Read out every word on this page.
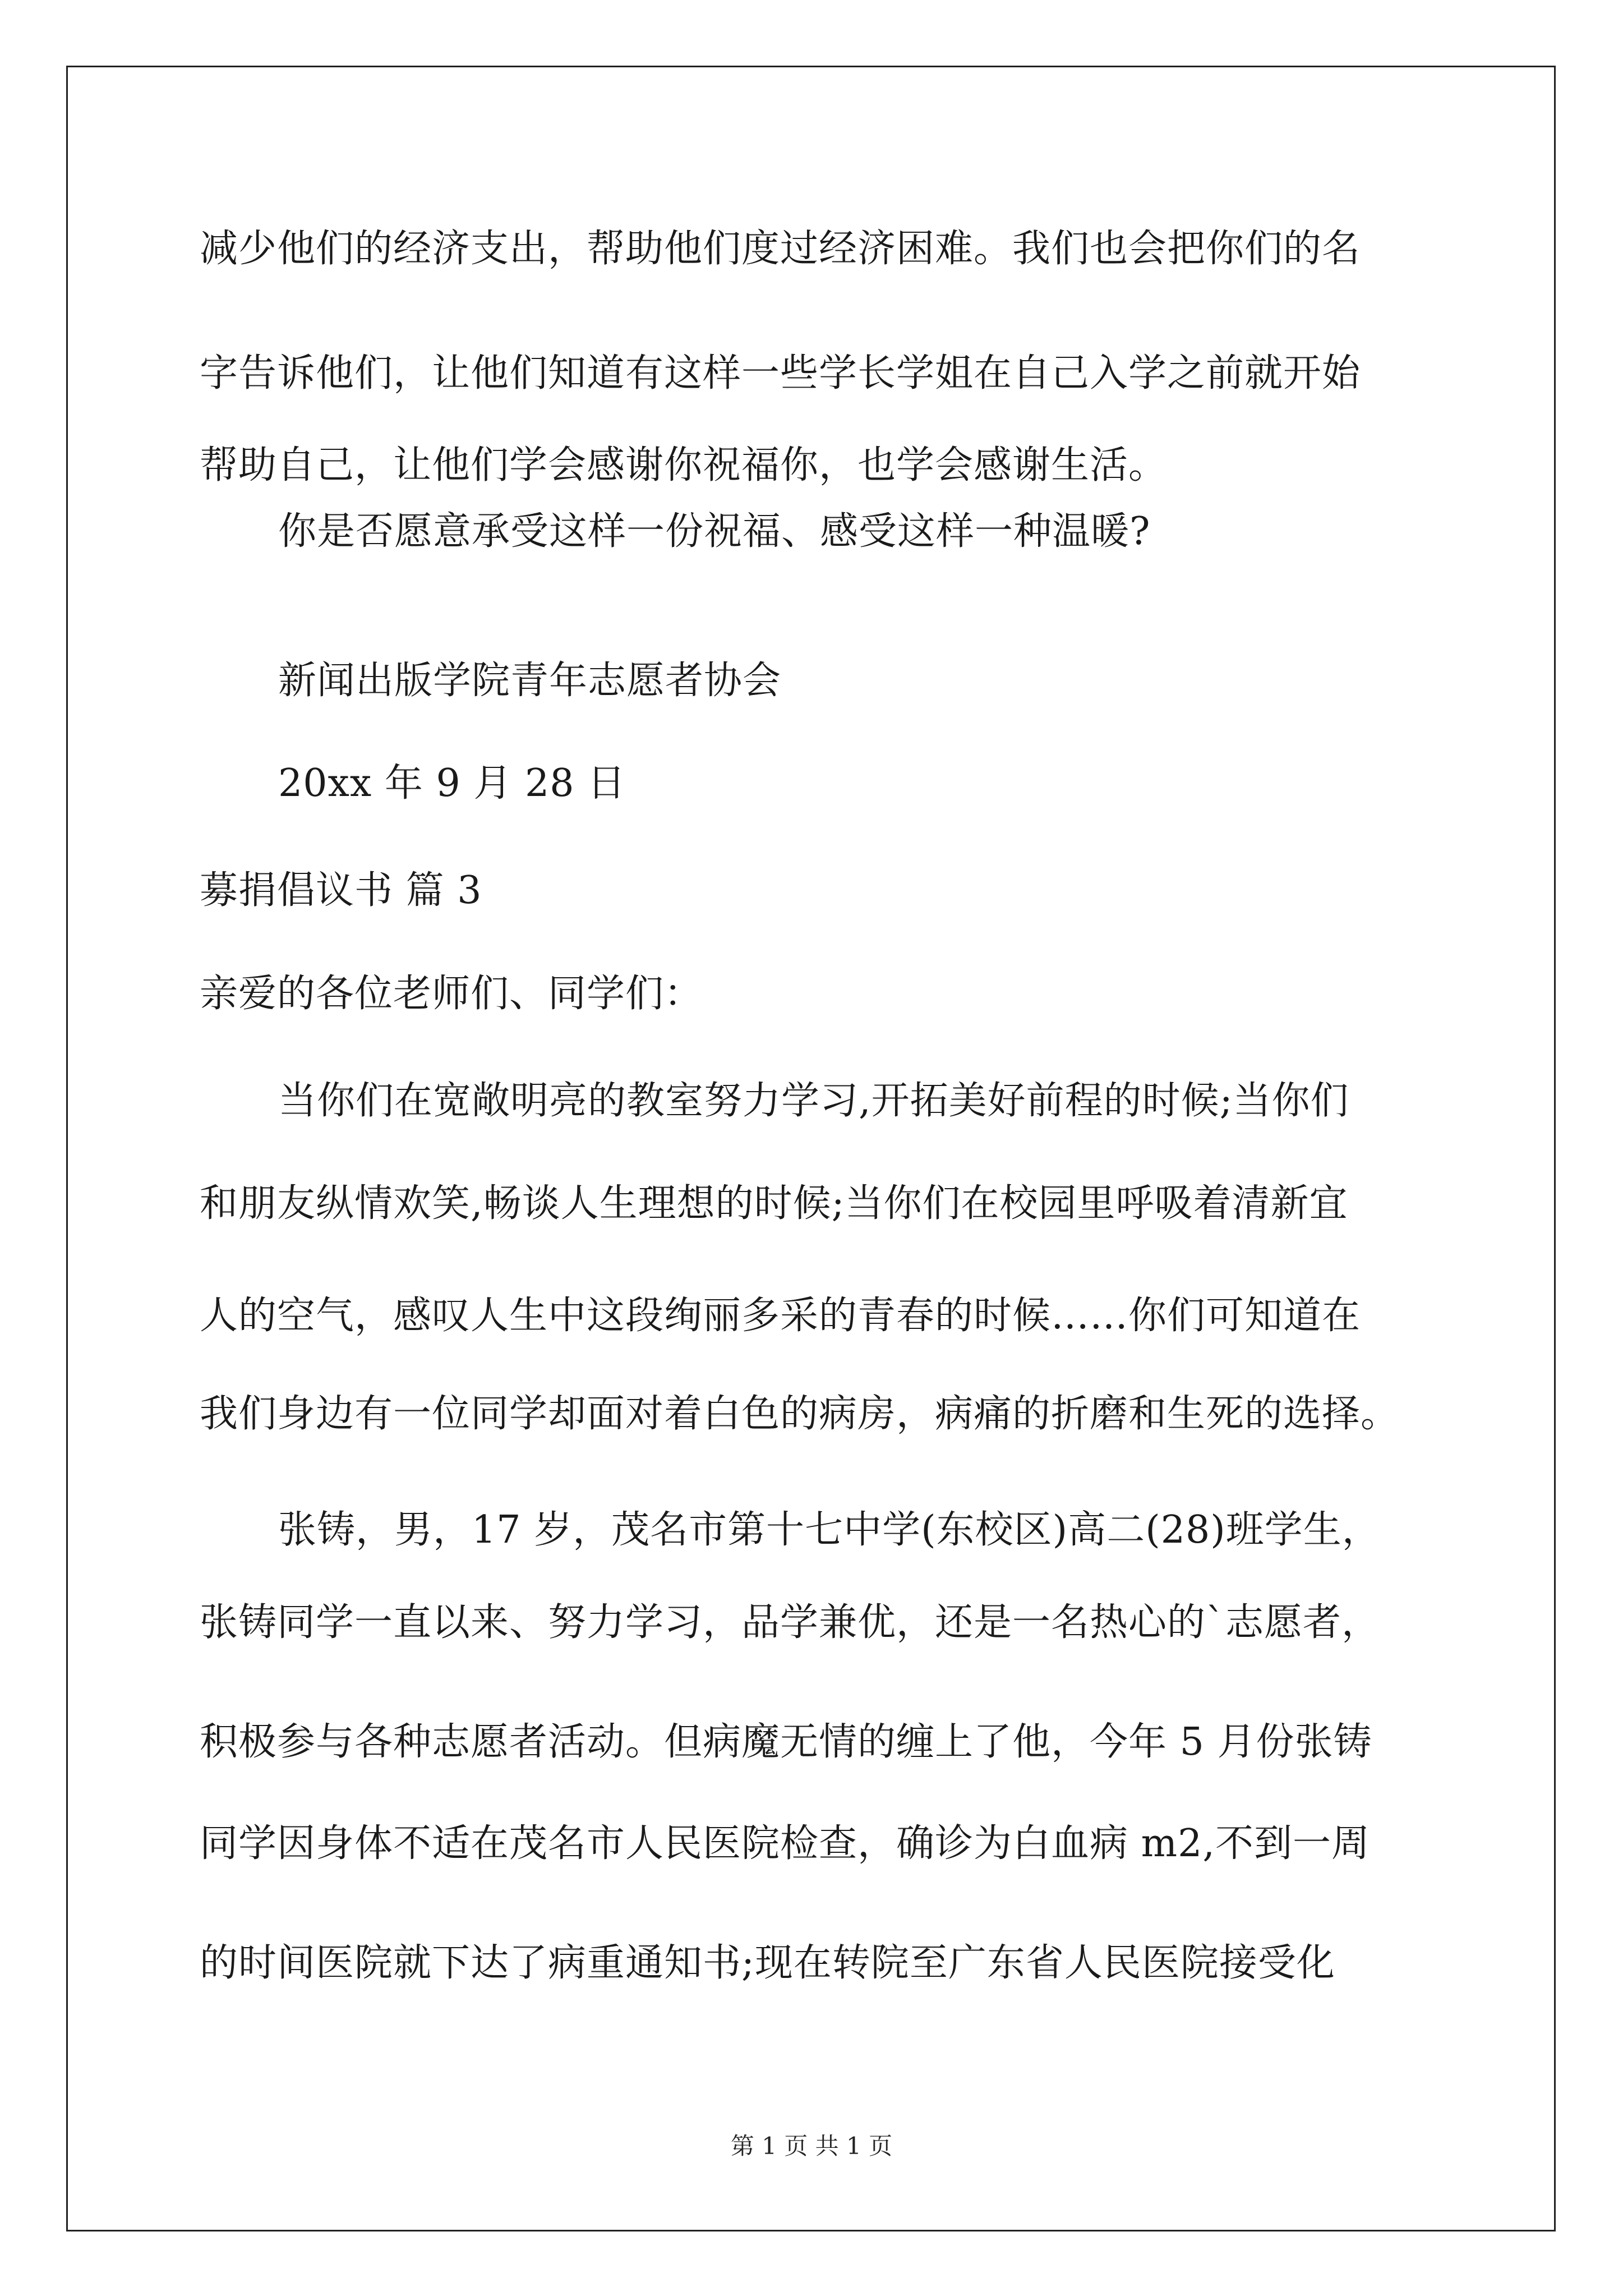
减少他们的经济支出，帮助他们度过经济困难。我们也会把你们的名
字告诉他们，让他们知道有这样一些学长学姐在自己入学之前就开始
帮助自己，让他们学会感谢你祝福你，也学会感谢生活。
你是否愿意承受这样一份祝福、感受这样一种温暖?
新闻出版学院青年志愿者协会
20xx 年 9 月 28 日
募捐倡议书 篇 3
亲爱的各位老师们、同学们：
当你们在宽敞明亮的教室努力学习,开拓美好前程的时候;当你们
和朋友纵情欢笑,畅谈人生理想的时候;当你们在校园里呼吸着清新宜
人的空气，感叹人生中这段绚丽多采的青春的时候……你们可知道在
我们身边有一位同学却面对着白色的病房，病痛的折磨和生死的选择。
张铸，男，17 岁，茂名市第十七中学(东校区)高二(28)班学生，
张铸同学一直以来、努力学习，品学兼优，还是一名热心的`志愿者，
积极参与各种志愿者活动。但病魔无情的缠上了他，今年 5 月份张铸
同学因身体不适在茂名市人民医院检查，确诊为白血病 m2,不到一周
的时间医院就下达了病重通知书;现在转院至广东省人民医院接受化
第 1 页 共 1 页
